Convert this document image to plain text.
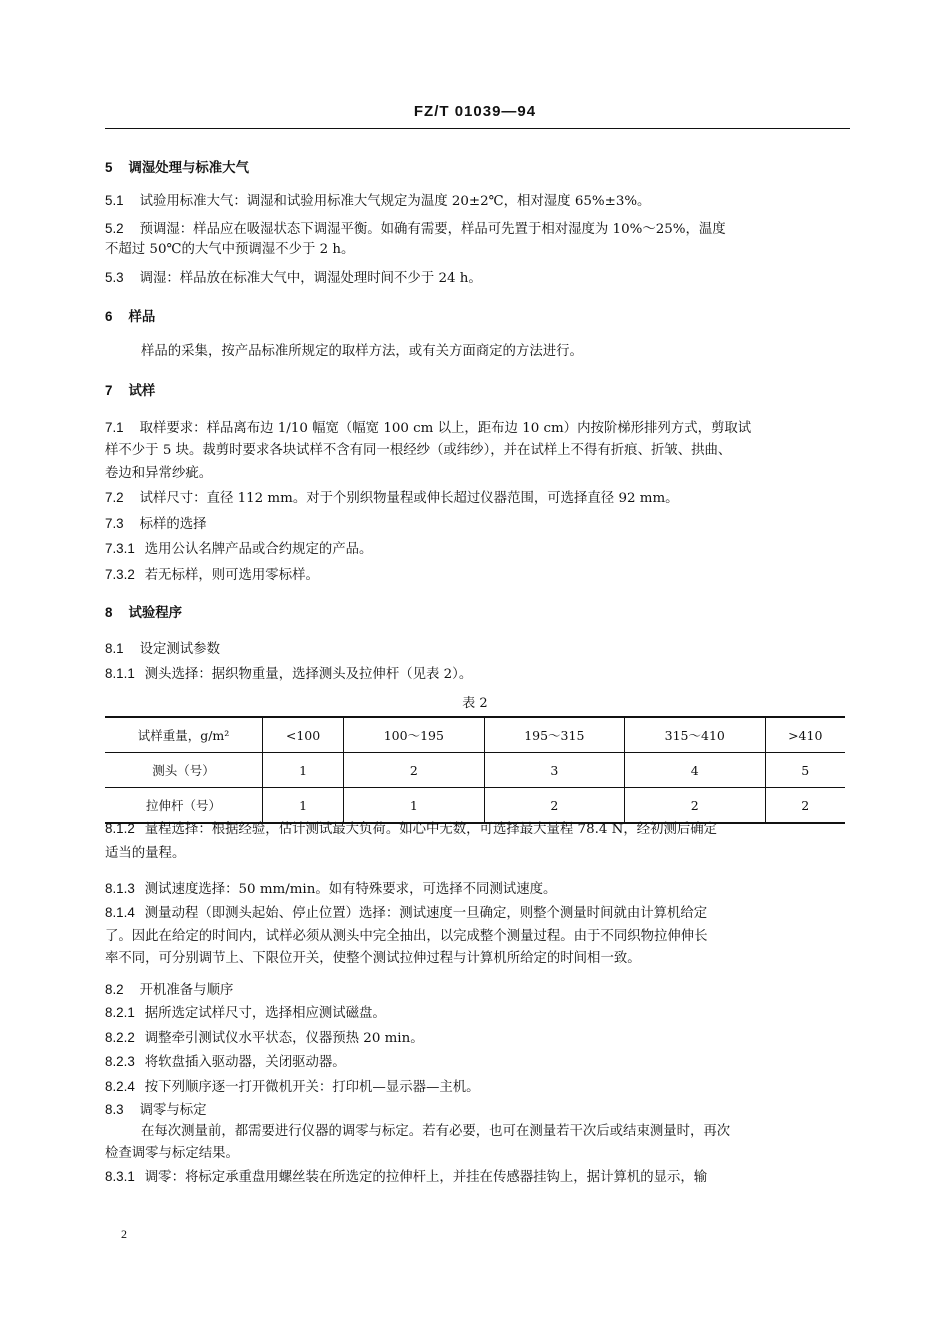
FZ/T 01039—94
5 调湿处理与标准大气
5.1 试验用标准大气：调湿和试验用标准大气规定为温度 20±2℃，相对湿度 65%±3%。
5.2 预调湿：样品应在吸湿状态下调湿平衡。如确有需要，样品可先置于相对湿度为 10%～25%，温度
不超过 50℃的大气中预调湿不少于 2 h。
5.3 调湿：样品放在标准大气中，调湿处理时间不少于 24 h。
6 样品
样品的采集，按产品标准所规定的取样方法，或有关方面商定的方法进行。
7 试样
7.1 取样要求：样品离布边 1/10 幅宽（幅宽 100 cm 以上，距布边 10 cm）内按阶梯形排列方式，剪取试
样不少于 5 块。裁剪时要求各块试样不含有同一根经纱（或纬纱），并在试样上不得有折痕、折皱、拱曲、
卷边和异常纱疵。
7.2 试样尺寸：直径 112 mm。对于个别织物量程或伸长超过仪器范围，可选择直径 92 mm。
7.3 标样的选择
7.3.1 选用公认名牌产品或合约规定的产品。
7.3.2 若无标样，则可选用零标样。
8 试验程序
8.1 设定测试参数
8.1.1 测头选择：据织物重量，选择测头及拉伸杆（见表 2）。
8.1.2 量程选择：根据经验，估计测试最大负荷。如心中无数，可选择最大量程 78.4 N，经初测后确定
适当的量程。
8.1.3 测试速度选择：50 mm/min。如有特殊要求，可选择不同测试速度。
8.1.4 测量动程（即测头起始、停止位置）选择：测试速度一旦确定，则整个测量时间就由计算机给定
了。因此在给定的时间内，试样必须从测头中完全抽出，以完成整个测量过程。由于不同织物拉伸伸长
率不同，可分别调节上、下限位开关，使整个测试拉伸过程与计算机所给定的时间相一致。
8.2 开机准备与顺序
8.2.1 据所选定试样尺寸，选择相应测试磁盘。
8.2.2 调整牵引测试仪水平状态，仪器预热 20 min。
8.2.3 将软盘插入驱动器，关闭驱动器。
8.2.4 按下列顺序逐一打开微机开关：打印机—显示器—主机。
8.3 调零与标定
在每次测量前，都需要进行仪器的调零与标定。若有必要，也可在测量若干次后或结束测量时，再次
检查调零与标定结果。
8.3.1 调零：将标定承重盘用螺丝装在所选定的拉伸杆上，并挂在传感器挂钩上，据计算机的显示，输
表 2
试样重量，g/m²	<100	100～195	195～315	315～410	>410
测头（号）	1	2	3	4	5
拉伸杆（号）	1	1	2	2	2
2
